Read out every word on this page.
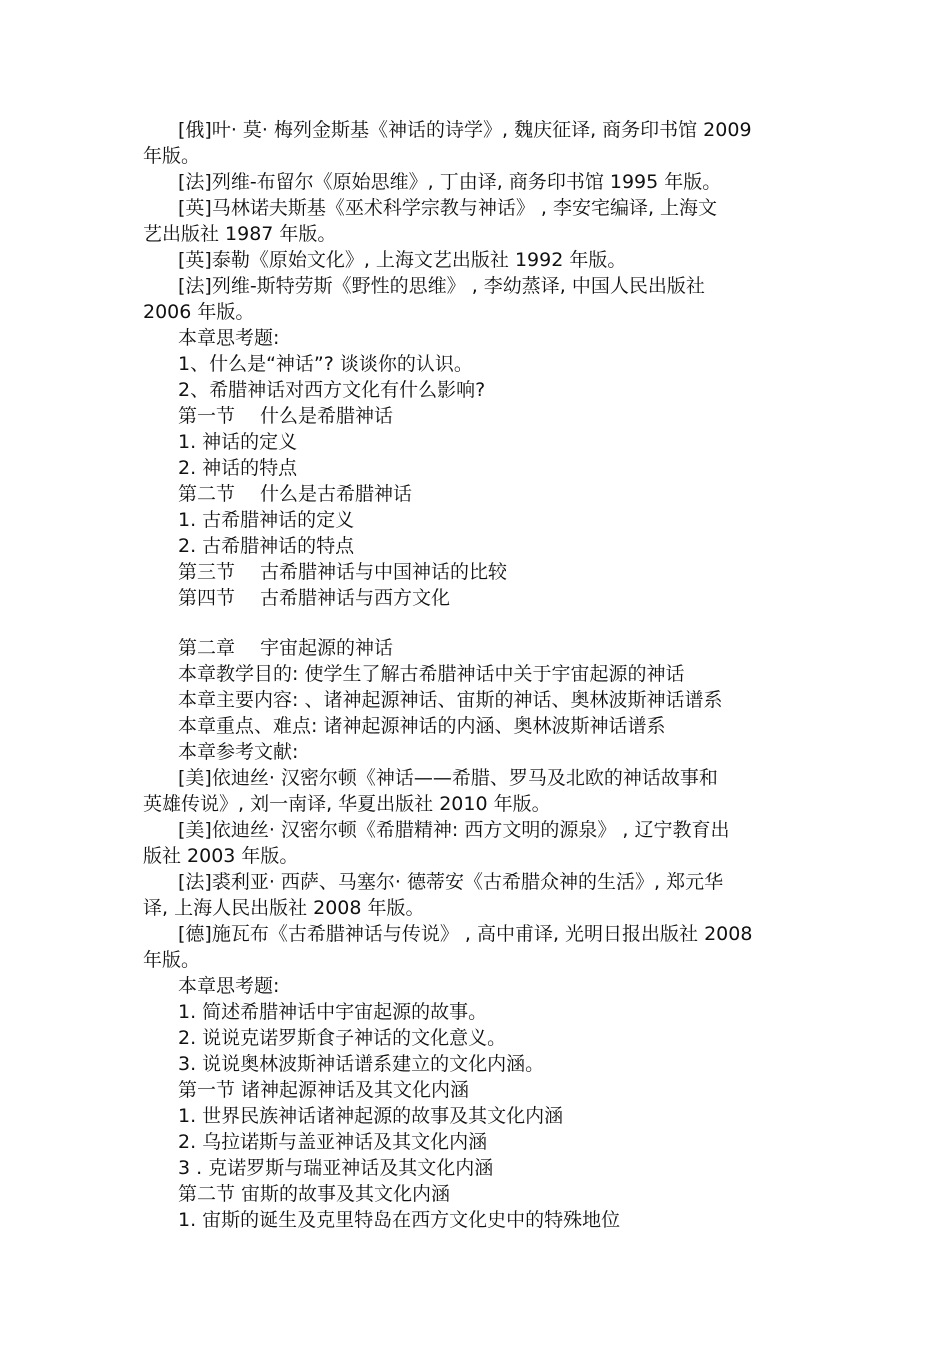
[俄]叶· 莫· 梅列金斯基《神话的诗学》, 魏庆征译, 商务印书馆 2009
年版。
[法]列维-布留尔《原始思维》, 丁由译, 商务印书馆 1995 年版。
[英]马林诺夫斯基《巫术科学宗教与神话》 , 李安宅编译, 上海文
艺出版社 1987 年版。
[英]泰勒《原始文化》, 上海文艺出版社 1992 年版。
[法]列维-斯特劳斯《野性的思维》 , 李幼蒸译, 中国人民出版社
2006 年版。
本章思考题:
1、什么是“神话”? 谈谈你的认识。
2、希腊神话对西方文化有什么影响?
第一节　 什么是希腊神话
1. 神话的定义
2. 神话的特点
第二节　 什么是古希腊神话
1. 古希腊神话的定义
2. 古希腊神话的特点
第三节　 古希腊神话与中国神话的比较
第四节　 古希腊神话与西方文化
第二章　 宇宙起源的神话
本章教学目的: 使学生了解古希腊神话中关于宇宙起源的神话
本章主要内容: 、诸神起源神话、宙斯的神话、奥林波斯神话谱系
本章重点、难点: 诸神起源神话的内涵、奥林波斯神话谱系
本章参考文献:
[美]依迪丝· 汉密尔顿《神话——希腊、罗马及北欧的神话故事和
英雄传说》, 刘一南译, 华夏出版社 2010 年版。
[美]依迪丝· 汉密尔顿《希腊精神: 西方文明的源泉》 , 辽宁教育出
版社 2003 年版。
[法]裘利亚· 西萨、马塞尔· 德蒂安《古希腊众神的生活》, 郑元华
译, 上海人民出版社 2008 年版。
[德]施瓦布《古希腊神话与传说》 , 高中甫译, 光明日报出版社 2008
年版。
本章思考题:
1. 简述希腊神话中宇宙起源的故事。
2. 说说克诺罗斯食子神话的文化意义。
3. 说说奥林波斯神话谱系建立的文化内涵。
第一节 诸神起源神话及其文化内涵
1. 世界民族神话诸神起源的故事及其文化内涵
2. 乌拉诺斯与盖亚神话及其文化内涵
3 . 克诺罗斯与瑞亚神话及其文化内涵
第二节 宙斯的故事及其文化内涵
1. 宙斯的诞生及克里特岛在西方文化史中的特殊地位
